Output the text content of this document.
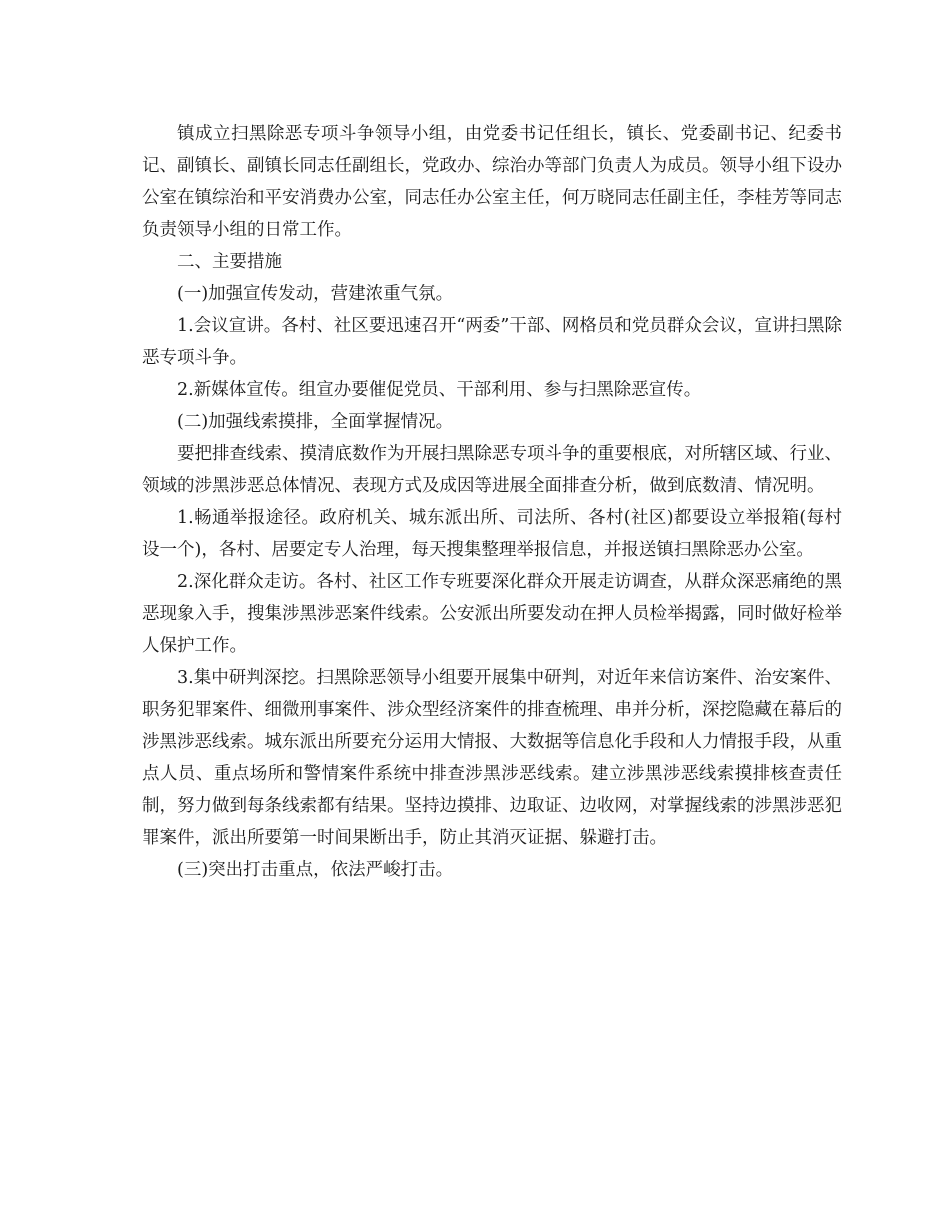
镇成立扫黑除恶专项斗争领导小组，由党委书记任组长，镇长、党委副书记、纪委书记、副镇长、副镇长同志任副组长，党政办、综治办等部门负责人为成员。领导小组下设办公室在镇综治和平安消费办公室，同志任办公室主任，何万晓同志任副主任，李桂芳等同志负责领导小组的日常工作。

二、主要措施

(一)加强宣传发动，营建浓重气氛。

1.会议宣讲。各村、社区要迅速召开“两委”干部、网格员和党员群众会议，宣讲扫黑除恶专项斗争。

2.新媒体宣传。组宣办要催促党员、干部利用、参与扫黑除恶宣传。

(二)加强线索摸排，全面掌握情况。

要把排查线索、摸清底数作为开展扫黑除恶专项斗争的重要根底，对所辖区域、行业、领域的涉黑涉恶总体情况、表现方式及成因等进展全面排查分析，做到底数清、情况明。

1.畅通举报途径。政府机关、城东派出所、司法所、各村(社区)都要设立举报箱(每村设一个)，各村、居要定专人治理，每天搜集整理举报信息，并报送镇扫黑除恶办公室。

2.深化群众走访。各村、社区工作专班要深化群众开展走访调查，从群众深恶痛绝的黑恶现象入手，搜集涉黑涉恶案件线索。公安派出所要发动在押人员检举揭露，同时做好检举人保护工作。

3.集中研判深挖。扫黑除恶领导小组要开展集中研判，对近年来信访案件、治安案件、职务犯罪案件、细微刑事案件、涉众型经济案件的排查梳理、串并分析，深挖隐藏在幕后的涉黑涉恶线索。城东派出所要充分运用大情报、大数据等信息化手段和人力情报手段，从重点人员、重点场所和警情案件系统中排查涉黑涉恶线索。建立涉黑涉恶线索摸排核查责任制，努力做到每条线索都有结果。坚持边摸排、边取证、边收网，对掌握线索的涉黑涉恶犯罪案件，派出所要第一时间果断出手，防止其消灭证据、躲避打击。

(三)突出打击重点，依法严峻打击。
